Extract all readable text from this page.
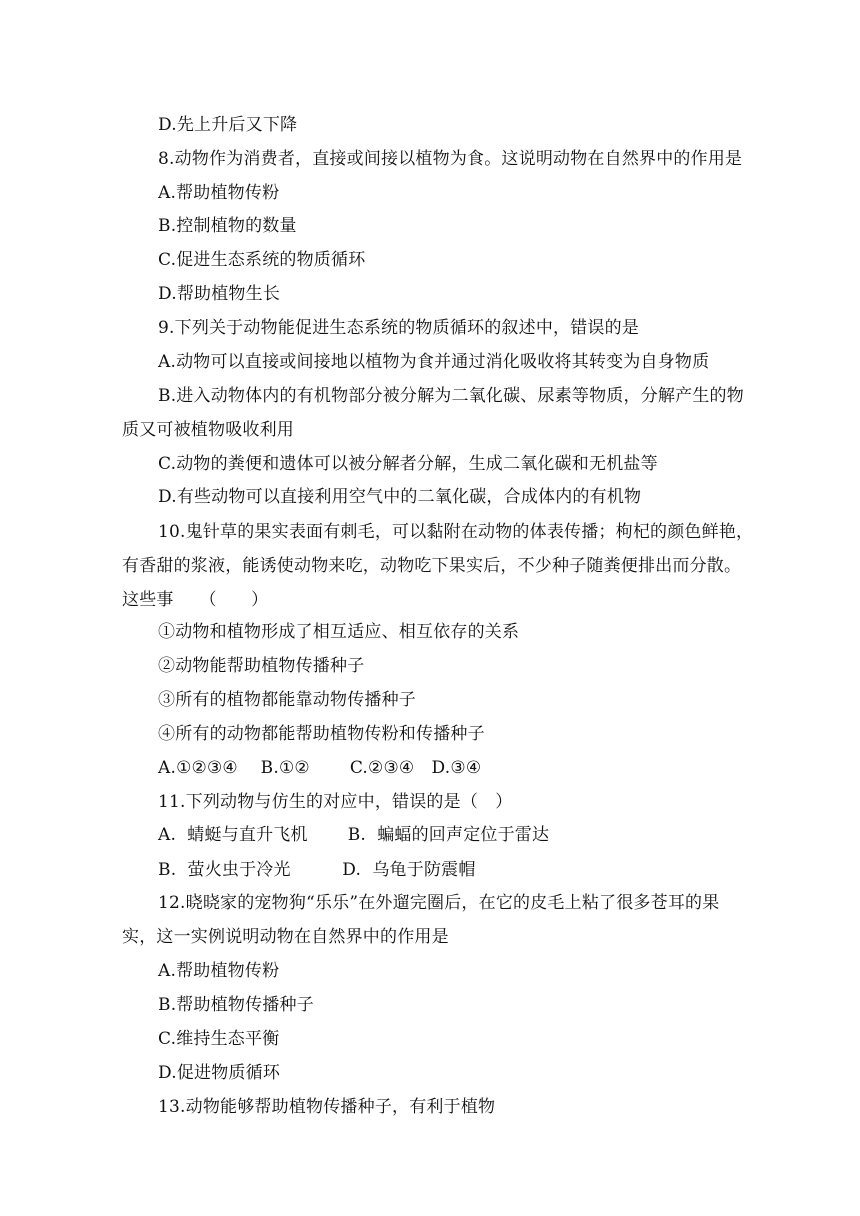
D.先上升后又下降
8.动物作为消费者，直接或间接以植物为食。这说明动物在自然界中的作用是
A.帮助植物传粉
B.控制植物的数量
C.促进生态系统的物质循环
D.帮助植物生长
9.下列关于动物能促进生态系统的物质循环的叙述中，错误的是
A.动物可以直接或间接地以植物为食并通过消化吸收将其转变为自身物质
B.进入动物体内的有机物部分被分解为二氧化碳、尿素等物质，分解产生的物
质又可被植物吸收利用
C.动物的粪便和遗体可以被分解者分解，生成二氧化碳和无机盐等
D.有些动物可以直接利用空气中的二氧化碳，合成体内的有机物
10.鬼针草的果实表面有刺毛，可以黏附在动物的体表传播；枸杞的颜色鲜艳，
有香甜的浆液，能诱使动物来吃，动物吃下果实后，不少种子随粪便排出而分散。
这些事　　（　　）
①动物和植物形成了相互适应、相互依存的关系
②动物能帮助植物传播种子
③所有的植物都能靠动物传播种子
④所有的动物都能帮助植物传粉和传播种子
A.①②③④　 B.①②　　 C.②③④　D.③④
11.下列动物与仿生的对应中，错误的是（　）
A.  蜻蜓与直升飞机　　 B.  蝙蝠的回声定位于雷达
B.  萤火虫于冷光　　　D.  乌龟于防震帽
12.晓晓家的宠物狗“乐乐”在外遛完圈后，在它的皮毛上粘了很多苍耳的果
实，这一实例说明动物在自然界中的作用是
A.帮助植物传粉
B.帮助植物传播种子
C.维持生态平衡
D.促进物质循环
13.动物能够帮助植物传播种子，有利于植物
